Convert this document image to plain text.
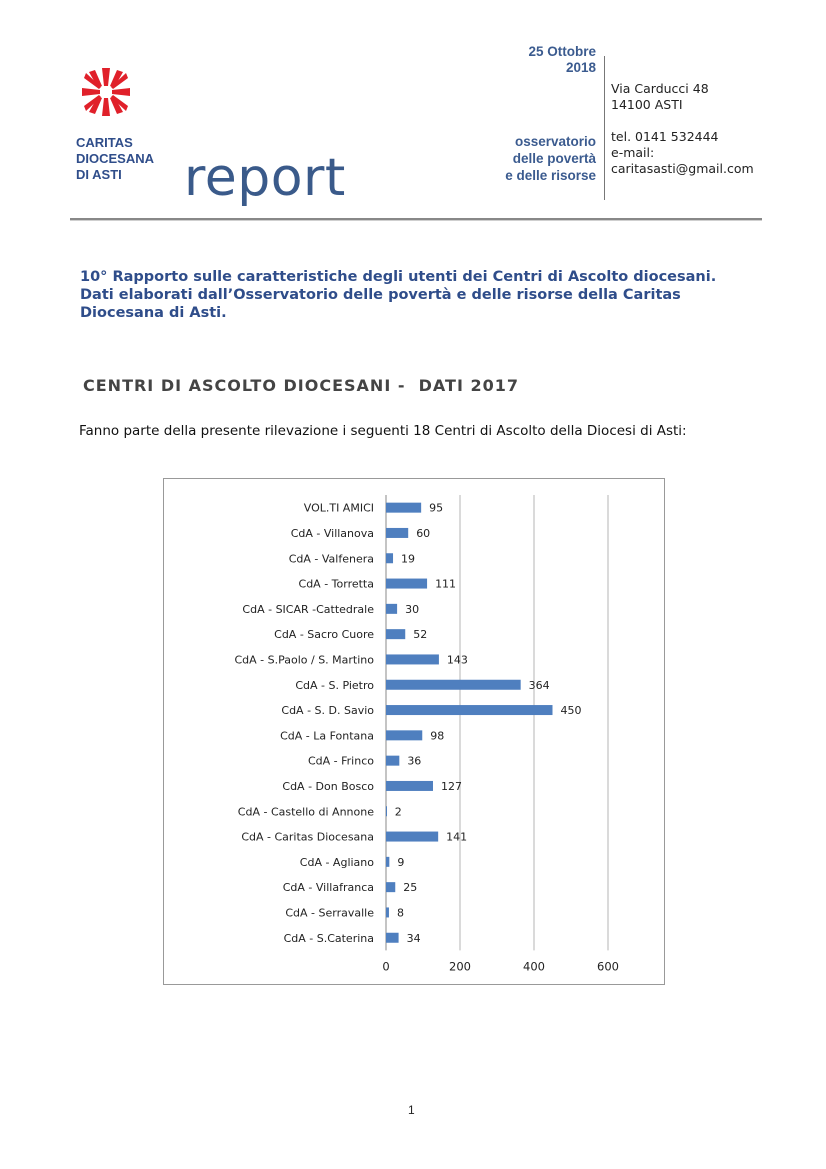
CARITAS
DIOCESANA
DI ASTI	report
25 Ottobre
2018
osservatorio
delle povertà
e delle risorse
Via Carducci 48
14100 ASTI
tel. 0141 532444
e-mail:
caritasasti@gmail.com
10° Rapporto sulle caratteristiche degli utenti dei Centri di Ascolto diocesani.
Dati elaborati dall’Osservatorio delle povertà e delle risorse della Caritas
Diocesana di Asti.
CENTRI DI ASCOLTO DIOCESANI -  DATI 2017
Fanno parte della presente rilevazione i seguenti 18 Centri di Ascolto della Diocesi di Asti:
0	200	400	600
VOL.TI AMICI	95
CdA - Villanova	60
CdA - Valfenera 19
CdA - Torretta	111
CdA - SICAR -Cattedrale	30
CdA - Sacro Cuore	52
CdA - S.Paolo / S. Martino	143
CdA - S. Pietro	364
CdA - S. D. Savio	450
CdA - La Fontana	98
CdA - Frinco	36
CdA - Don Bosco	127
CdA - Castello di Annone 2
CdA - Caritas Diocesana	141
CdA - Agliano 9
CdA - Villafranca	25
CdA - Serravalle 8
CdA - S.Caterina	34
1
